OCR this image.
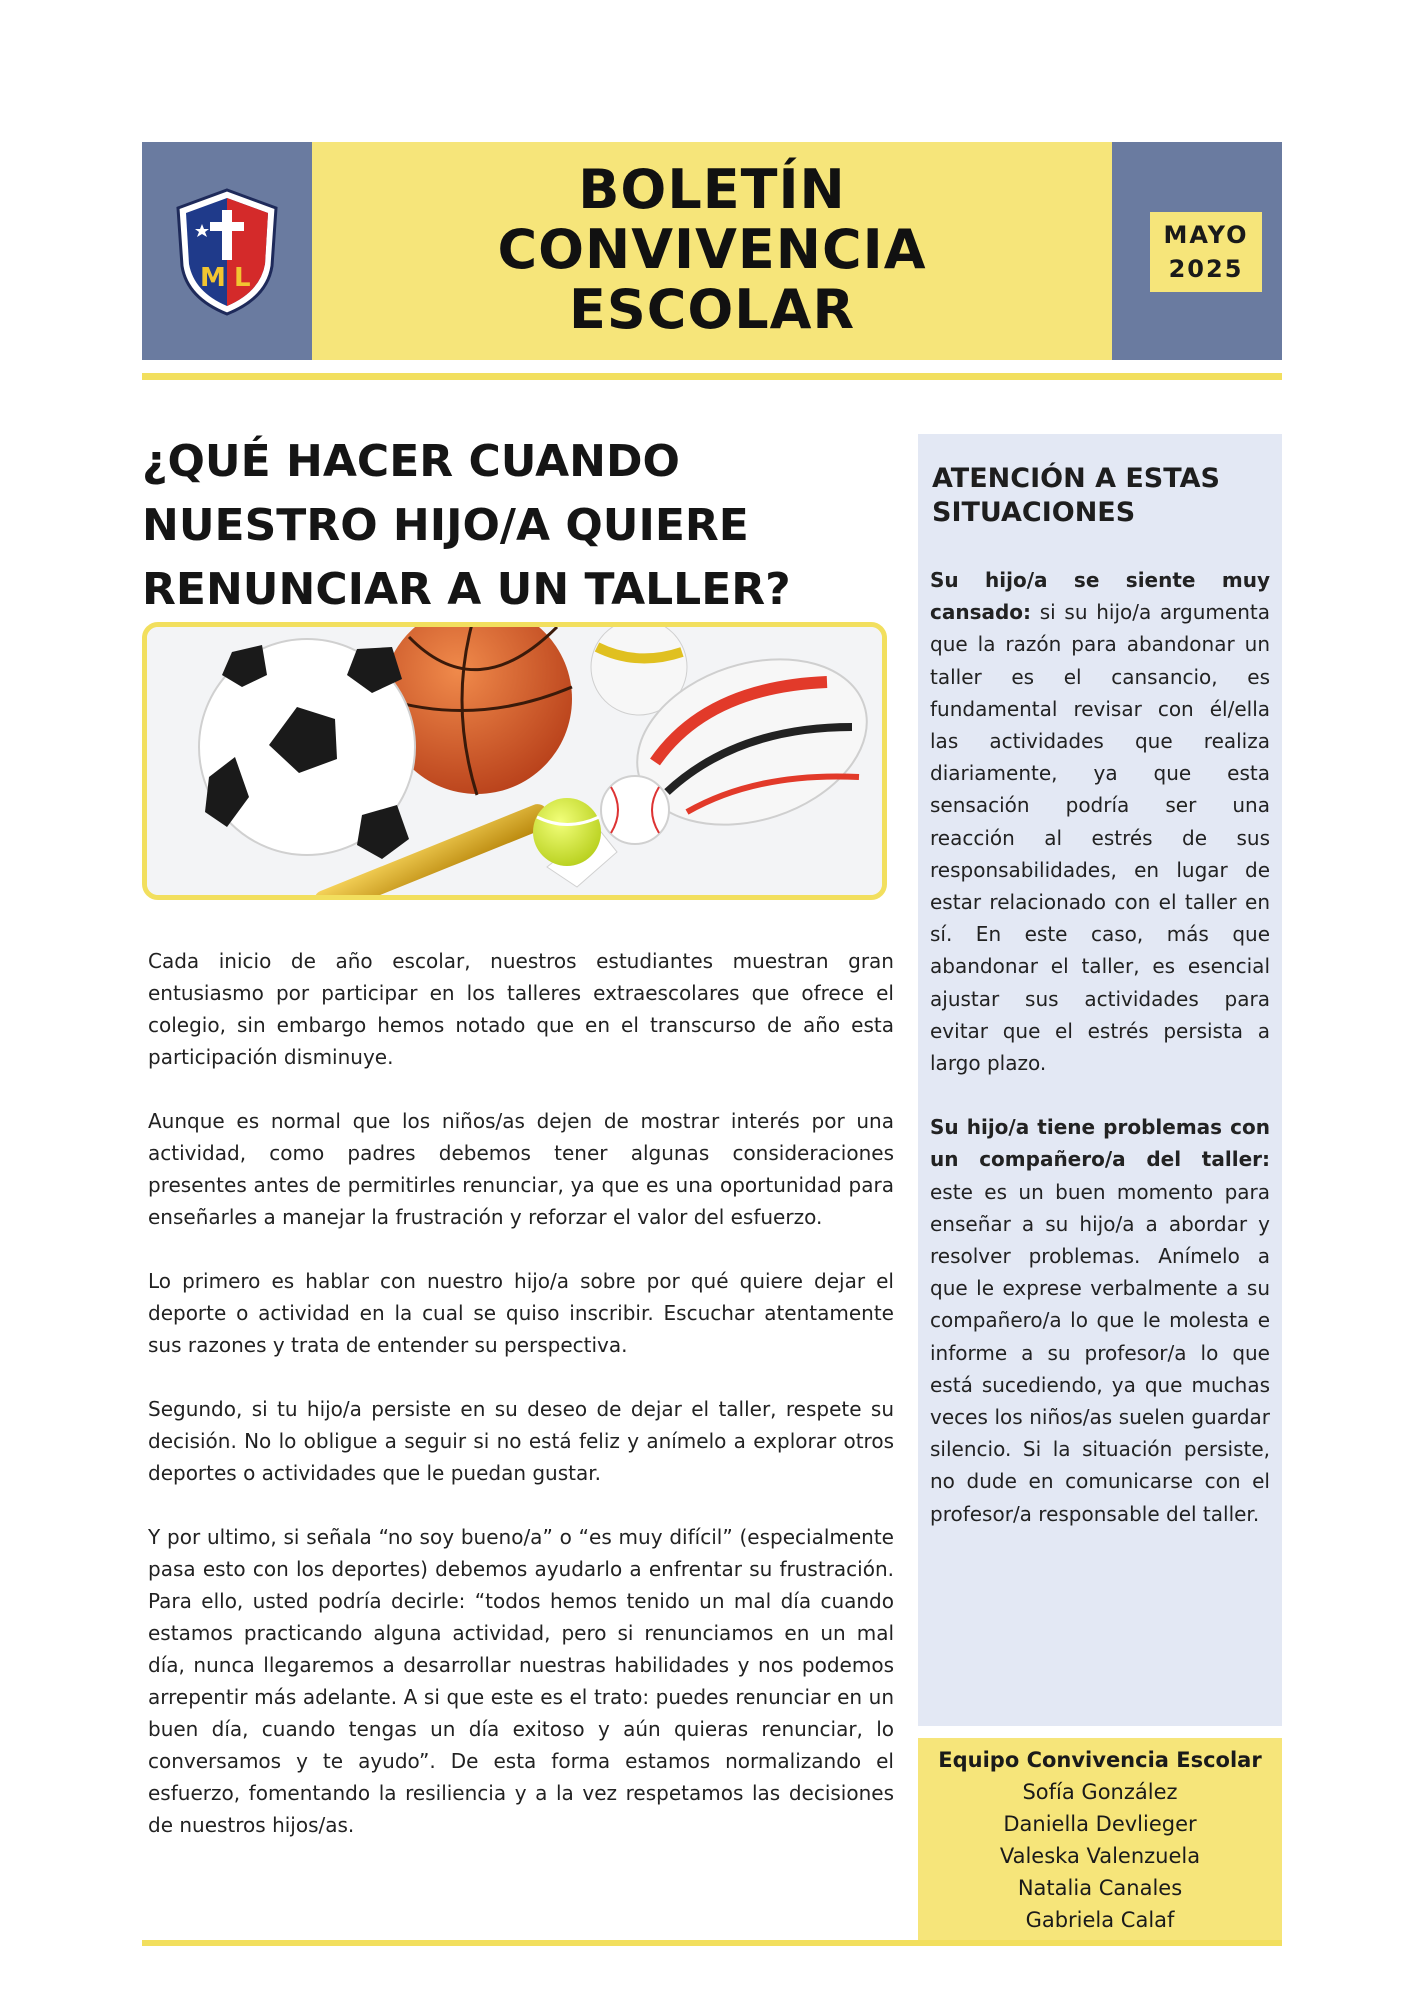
M L
BOLETÍN
CONVIVENCIA
ESCOLAR
MAYO
2025
¿QUÉ HACER CUANDO
NUESTRO HIJO/A QUIERE
RENUNCIAR A UN TALLER?

Cada inicio de año escolar, nuestros estudiantes muestran gran entusiasmo por participar en los talleres extraescolares que ofrece el colegio, sin embargo hemos notado que en el transcurso de año esta participación disminuye.

Aunque es normal que los niños/as dejen de mostrar interés por una actividad, como padres debemos tener algunas consideraciones presentes antes de permitirles renunciar, ya que es una oportunidad para enseñarles a manejar la frustración y reforzar el valor del esfuerzo.

Lo primero es hablar con nuestro hijo/a sobre por qué quiere dejar el deporte o actividad en la cual se quiso inscribir. Escuchar atentamente sus razones y trata de entender su perspectiva.

Segundo, si tu hijo/a persiste en su deseo de dejar el taller, respete su decisión. No lo obligue a seguir si no está feliz y anímelo a explorar otros deportes o actividades que le puedan gustar.

Y por ultimo, si señala “no soy bueno/a” o “es muy difícil” (especialmente pasa esto con los deportes) debemos ayudarlo a enfrentar su frustración. Para ello, usted podría decirle: “todos hemos tenido un mal día cuando estamos practicando alguna actividad, pero si renunciamos en un mal día, nunca llegaremos a desarrollar nuestras habilidades y nos podemos arrepentir más adelante. A si que este es el trato: puedes renunciar en un buen día, cuando tengas un día exitoso y aún quieras renunciar, lo conversamos y te ayudo”. De esta forma estamos normalizando el esfuerzo, fomentando la resiliencia y a la vez respetamos las decisiones de nuestros hijos/as.

ATENCIÓN A ESTAS
SITUACIONES

Su hijo/a se siente muy cansado: si su hijo/a argumenta que la razón para abandonar un taller es el cansancio, es fundamental revisar con él/ella las actividades que realiza diariamente, ya que esta sensación podría ser una reacción al estrés de sus responsabilidades, en lugar de estar relacionado con el taller en sí. En este caso, más que abandonar el taller, es esencial ajustar sus actividades para evitar que el estrés persista a largo plazo.

Su hijo/a tiene problemas con un compañero/a del taller: este es un buen momento para enseñar a su hijo/a a abordar y resolver problemas. Anímelo a que le exprese verbalmente a su compañero/a lo que le molesta e informe a su profesor/a lo que está sucediendo, ya que muchas veces los niños/as suelen guardar silencio. Si la situación persiste, no dude en comunicarse con el profesor/a responsable del taller.

Equipo Convivencia Escolar
Sofía González
Daniella Devlieger
Valeska Valenzuela
Natalia Canales
Gabriela Calaf
